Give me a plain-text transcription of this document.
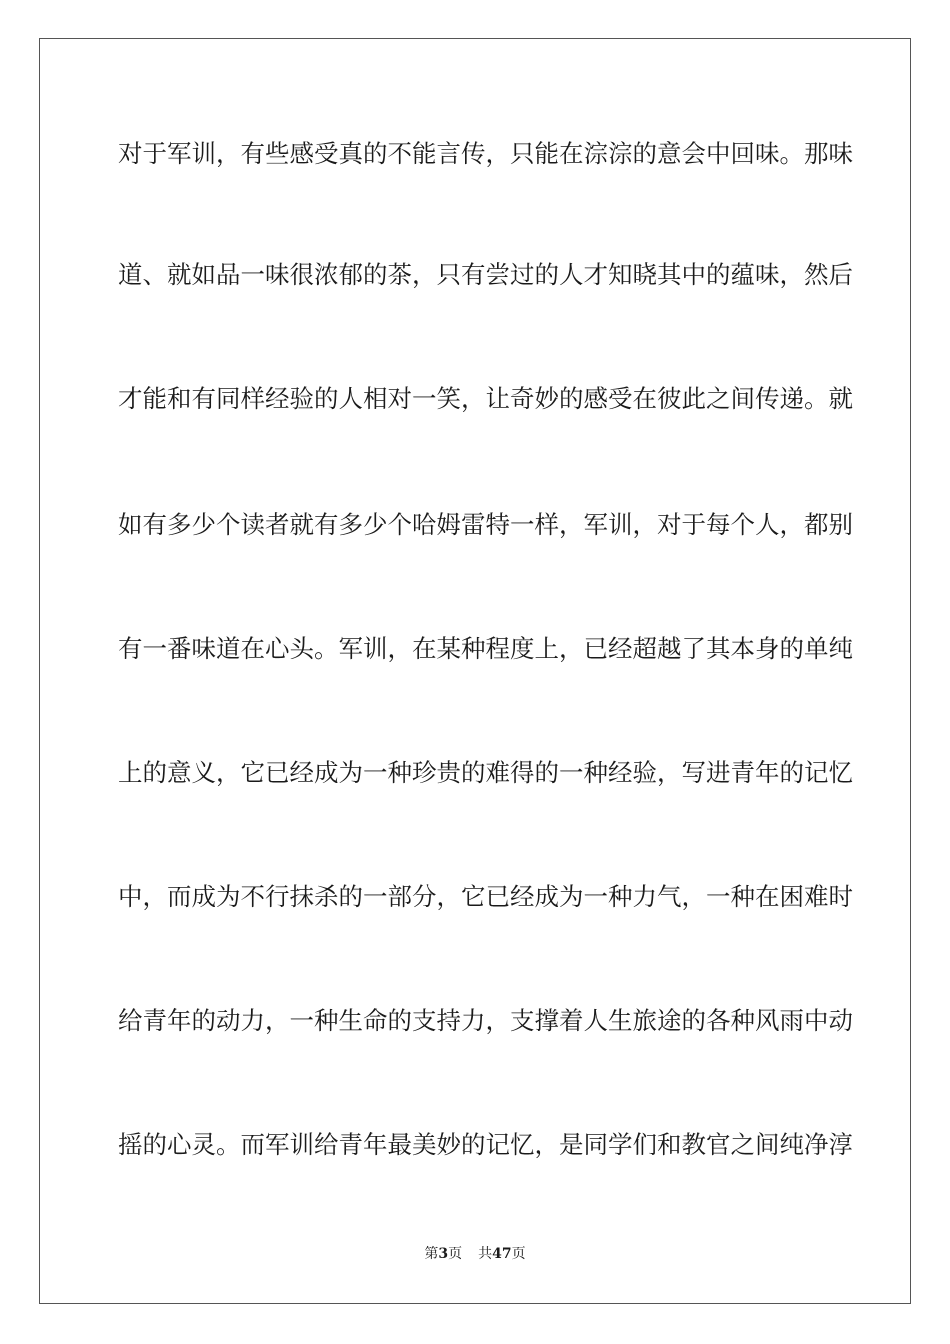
对于军训，有些感受真的不能言传，只能在淙淙的意会中回味。那味
道、就如品一味很浓郁的茶，只有尝过的人才知晓其中的蕴味，然后
才能和有同样经验的人相对一笑，让奇妙的感受在彼此之间传递。就
如有多少个读者就有多少个哈姆雷特一样，军训，对于每个人，都别
有一番味道在心头。军训，在某种程度上，已经超越了其本身的单纯
上的意义，它已经成为一种珍贵的难得的一种经验，写进青年的记忆
中，而成为不行抹杀的一部分，它已经成为一种力气，一种在困难时
给青年的动力，一种生命的支持力，支撑着人生旅途的各种风雨中动
摇的心灵。而军训给青年最美妙的记忆，是同学们和教官之间纯净淳
第3页 共47页
